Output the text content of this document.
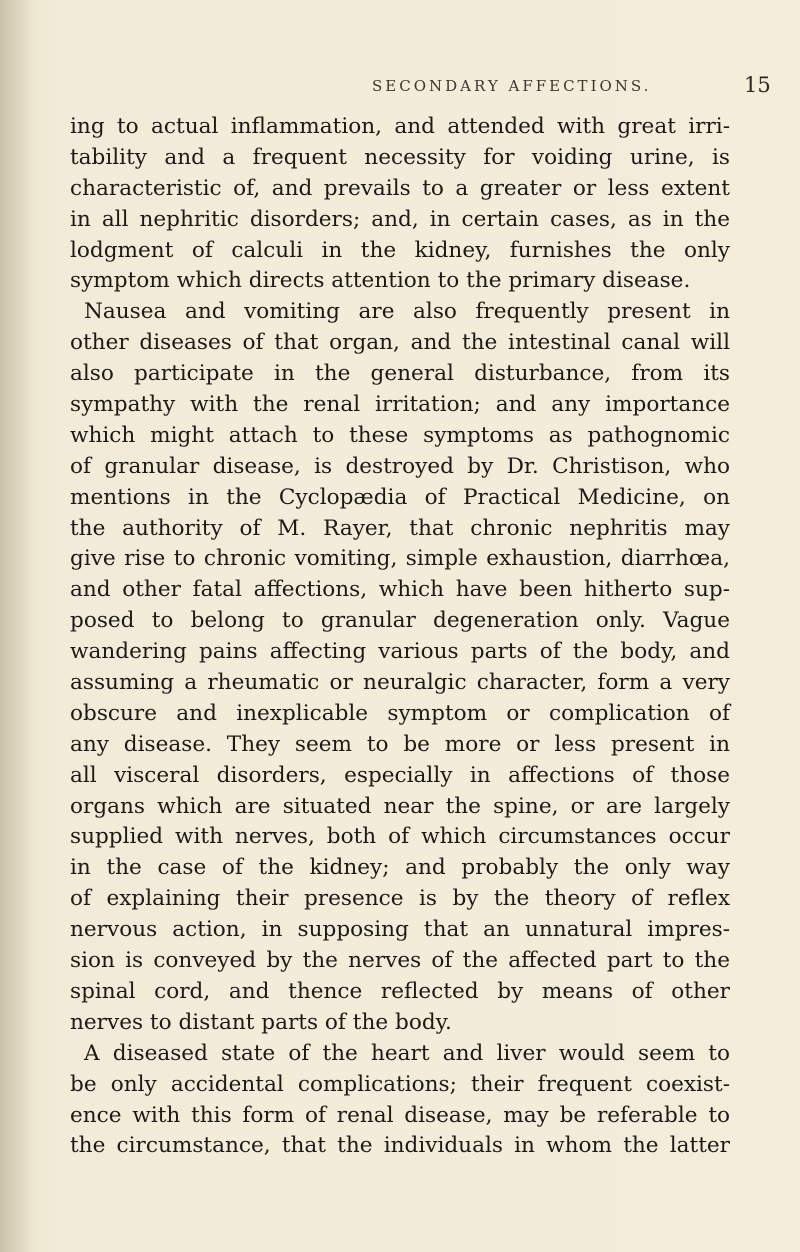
SECONDARY AFFECTIONS.	15
ing to actual inflammation, and attended with great irri-
tability and a frequent necessity for voiding urine, is
characteristic of, and prevails to a greater or less extent
in all nephritic disorders; and, in certain cases, as in the
lodgment of calculi in the kidney, furnishes the only
symptom which directs attention to the primary disease.
Nausea and vomiting are also frequently present in
other diseases of that organ, and the intestinal canal will
also participate in the general disturbance, from its
sympathy with the renal irritation; and any importance
which might attach to these symptoms as pathognomic
of granular disease, is destroyed by Dr. Christison, who
mentions in the Cyclopædia of Practical Medicine, on
the authority of M. Rayer, that chronic nephritis may
give rise to chronic vomiting, simple exhaustion, diarrhœa,
and other fatal affections, which have been hitherto sup-
posed to belong to granular degeneration only. Vague
wandering pains affecting various parts of the body, and
assuming a rheumatic or neuralgic character, form a very
obscure and inexplicable symptom or complication of
any disease. They seem to be more or less present in
all visceral disorders, especially in affections of those
organs which are situated near the spine, or are largely
supplied with nerves, both of which circumstances occur
in the case of the kidney; and probably the only way
of explaining their presence is by the theory of reflex
nervous action, in supposing that an unnatural impres-
sion is conveyed by the nerves of the affected part to the
spinal cord, and thence reflected by means of other
nerves to distant parts of the body.
A diseased state of the heart and liver would seem to
be only accidental complications; their frequent coexist-
ence with this form of renal disease, may be referable to
the circumstance, that the individuals in whom the latter
